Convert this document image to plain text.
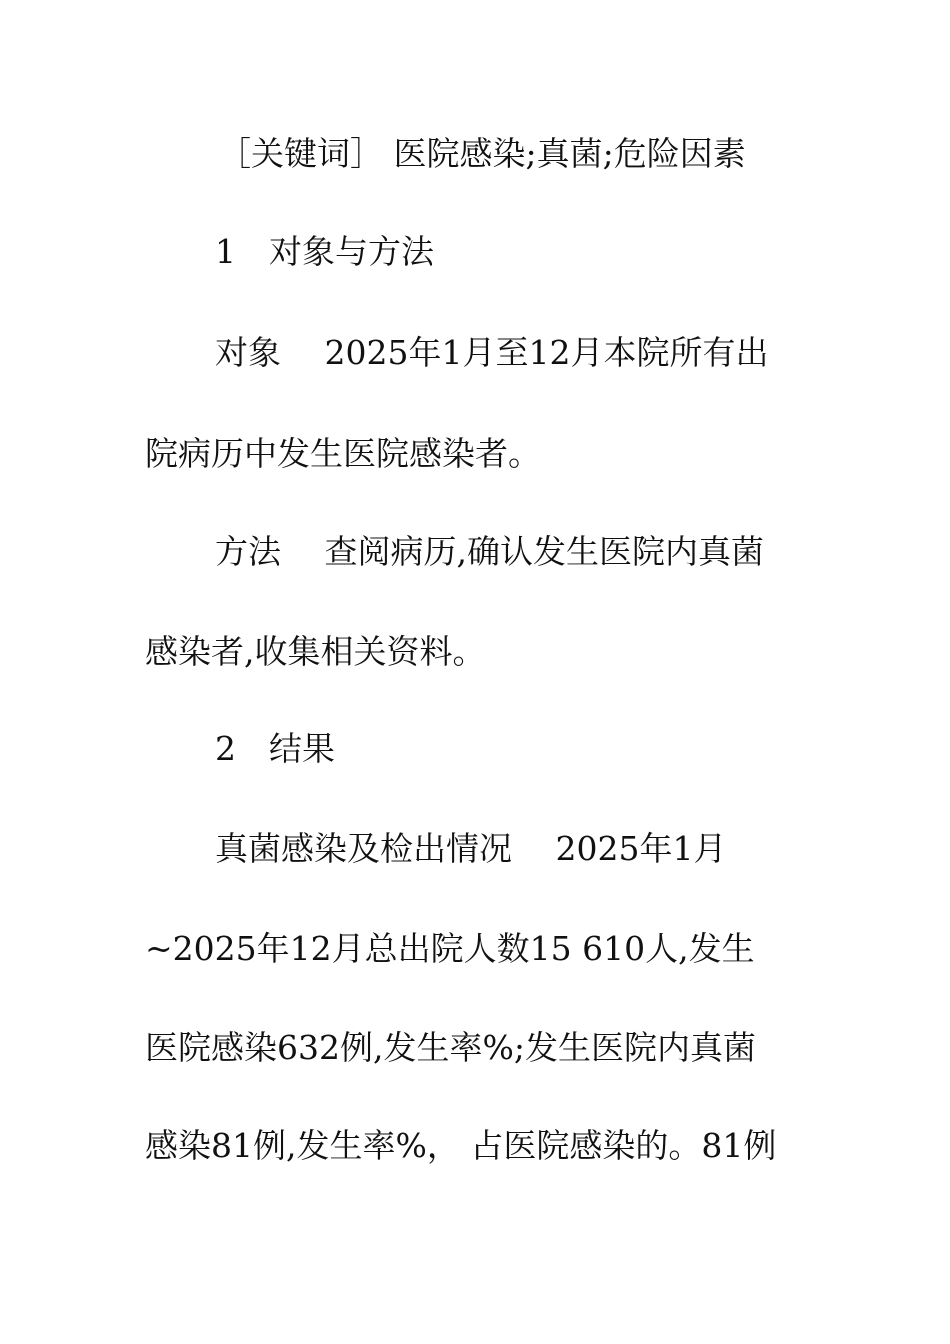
［关键词］ 医院感染;真菌;危险因素
1　对象与方法
对象　 2025年1月至12月本院所有出
院病历中发生医院感染者。
方法　 查阅病历,确认发生医院内真菌
感染者,收集相关资料。
2　结果
真菌感染及检出情况　 2025年1月
~2025年12月总出院人数15 610人,发生
医院感染632例,发生率%;发生医院内真菌
感染81例,发生率%， 占医院感染的。81例
